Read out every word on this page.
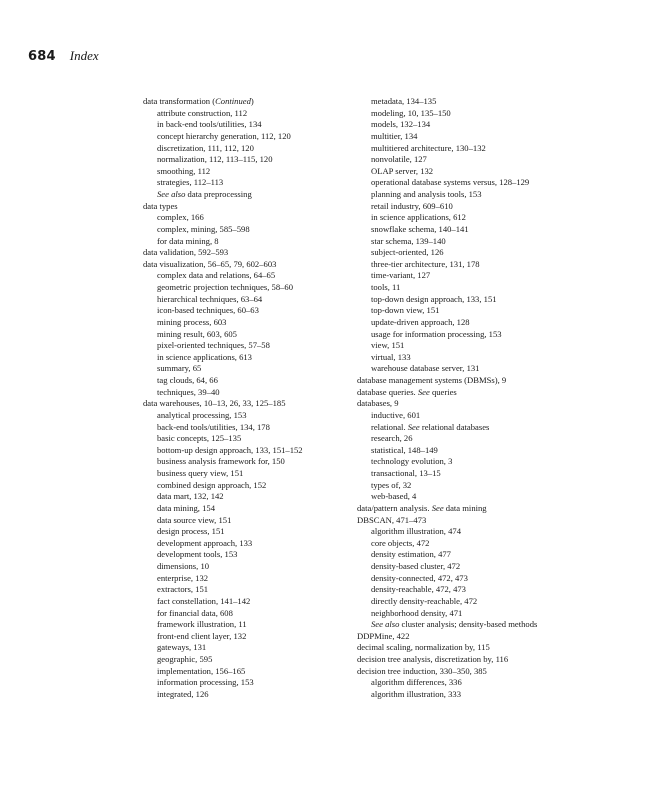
684 Index
data transformation (Continued)
attribute construction, 112
in back-end tools/utilities, 134
concept hierarchy generation, 112, 120
discretization, 111, 112, 120
normalization, 112, 113–115, 120
smoothing, 112
strategies, 112–113
See also data preprocessing
data types
complex, 166
complex, mining, 585–598
for data mining, 8
data validation, 592–593
data visualization, 56–65, 79, 602–603
complex data and relations, 64–65
geometric projection techniques, 58–60
hierarchical techniques, 63–64
icon-based techniques, 60–63
mining process, 603
mining result, 603, 605
pixel-oriented techniques, 57–58
in science applications, 613
summary, 65
tag clouds, 64, 66
techniques, 39–40
data warehouses, 10–13, 26, 33, 125–185
analytical processing, 153
back-end tools/utilities, 134, 178
basic concepts, 125–135
bottom-up design approach, 133, 151–152
business analysis framework for, 150
business query view, 151
combined design approach, 152
data mart, 132, 142
data mining, 154
data source view, 151
design process, 151
development approach, 133
development tools, 153
dimensions, 10
enterprise, 132
extractors, 151
fact constellation, 141–142
for financial data, 608
framework illustration, 11
front-end client layer, 132
gateways, 131
geographic, 595
implementation, 156–165
information processing, 153
integrated, 126
metadata, 134–135
modeling, 10, 135–150
models, 132–134
multitier, 134
multitiered architecture, 130–132
nonvolatile, 127
OLAP server, 132
operational database systems versus, 128–129
planning and analysis tools, 153
retail industry, 609–610
in science applications, 612
snowflake schema, 140–141
star schema, 139–140
subject-oriented, 126
three-tier architecture, 131, 178
time-variant, 127
tools, 11
top-down design approach, 133, 151
top-down view, 151
update-driven approach, 128
usage for information processing, 153
view, 151
virtual, 133
warehouse database server, 131
database management systems (DBMSs), 9
database queries. See queries
databases, 9
inductive, 601
relational. See relational databases
research, 26
statistical, 148–149
technology evolution, 3
transactional, 13–15
types of, 32
web-based, 4
data/pattern analysis. See data mining
DBSCAN, 471–473
algorithm illustration, 474
core objects, 472
density estimation, 477
density-based cluster, 472
density-connected, 472, 473
density-reachable, 472, 473
directly density-reachable, 472
neighborhood density, 471
See also cluster analysis; density-based methods
DDPMine, 422
decimal scaling, normalization by, 115
decision tree analysis, discretization by, 116
decision tree induction, 330–350, 385
algorithm differences, 336
algorithm illustration, 333
